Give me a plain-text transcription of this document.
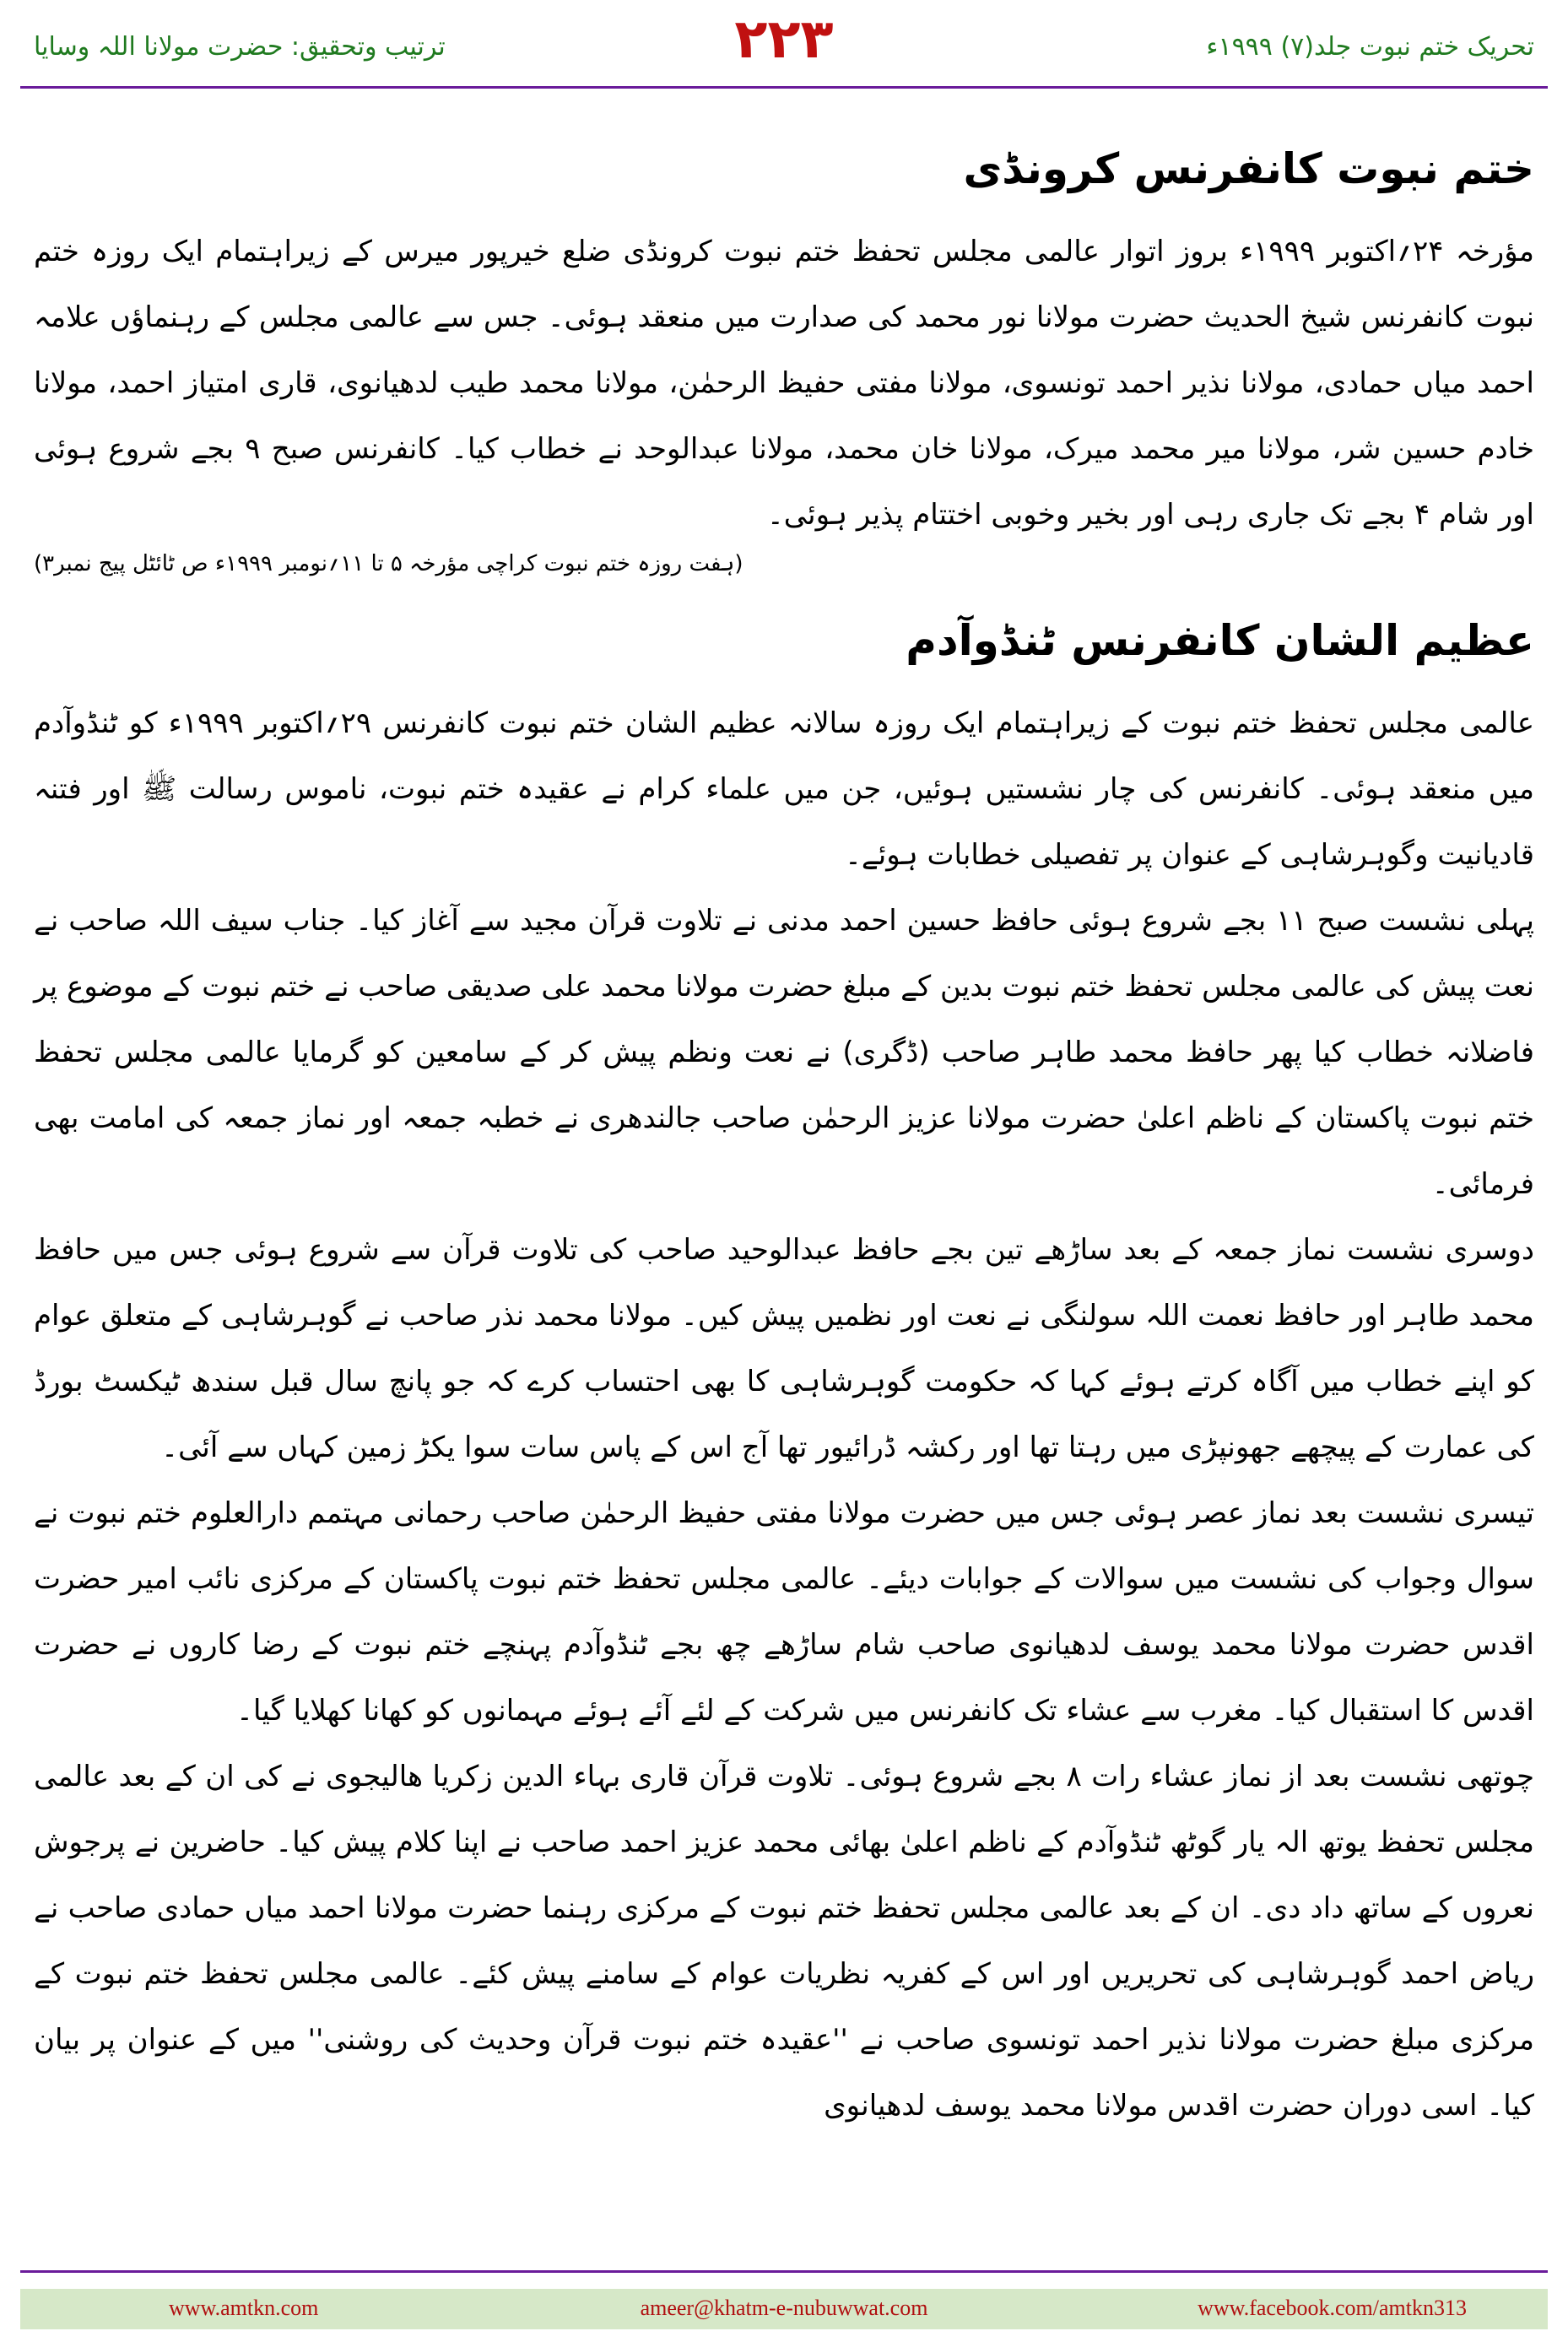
تحریک ختم نبوت جلد(۷) ۱۹۹۹ء
۲۲۳
ترتیب وتحقیق: حضرت مولانا اللہ وسایا
ختم نبوت کانفرنس کرونڈی

مؤرخہ ۲۴؍اکتوبر ۱۹۹۹ء بروز اتوار عالمی مجلس تحفظ ختم نبوت کرونڈی ضلع خیرپور میرس کے زیراہتمام ایک روزہ ختم نبوت کانفرنس شیخ الحدیث حضرت مولانا نور محمد کی صدارت میں منعقد ہوئی۔ جس سے عالمی مجلس کے رہنماؤں علامہ احمد میاں حمادی، مولانا نذیر احمد تونسوی، مولانا مفتی حفیظ الرحمٰن، مولانا محمد طیب لدھیانوی، قاری امتیاز احمد، مولانا خادم حسین شر، مولانا میر محمد میرک، مولانا خان محمد، مولانا عبدالوحد نے خطاب کیا۔ کانفرنس صبح ۹ بجے شروع ہوئی اور شام ۴ بجے تک جاری رہی اور بخیر وخوبی اختتام پذیر ہوئی۔

(ہفت روزہ ختم نبوت کراچی مؤرخہ ۵ تا ۱۱؍نومبر ۱۹۹۹ء ص ٹائٹل پیج نمبر۳)
عظیم الشان کانفرنس ٹنڈوآدم

عالمی مجلس تحفظ ختم نبوت کے زیراہتمام ایک روزہ سالانہ عظیم الشان ختم نبوت کانفرنس ۲۹؍اکتوبر ۱۹۹۹ء کو ٹنڈوآدم میں منعقد ہوئی۔ کانفرنس کی چار نشستیں ہوئیں، جن میں علماء کرام نے عقیدہ ختم نبوت، ناموس رسالت ﷺ اور فتنہ قادیانیت وگوہرشاہی کے عنوان پر تفصیلی خطابات ہوئے۔

پہلی نشست صبح ۱۱ بجے شروع ہوئی حافظ حسین احمد مدنی نے تلاوت قرآن مجید سے آغاز کیا۔ جناب سیف اللہ صاحب نے نعت پیش کی عالمی مجلس تحفظ ختم نبوت بدین کے مبلغ حضرت مولانا محمد علی صدیقی صاحب نے ختم نبوت کے موضوع پر فاضلانہ خطاب کیا پھر حافظ محمد طاہر صاحب (ڈگری) نے نعت ونظم پیش کر کے سامعین کو گرمایا عالمی مجلس تحفظ ختم نبوت پاکستان کے ناظم اعلیٰ حضرت مولانا عزیز الرحمٰن صاحب جالندھری نے خطبہ جمعہ اور نماز جمعہ کی امامت بھی فرمائی۔

دوسری نشست نماز جمعہ کے بعد ساڑھے تین بجے حافظ عبدالوحید صاحب کی تلاوت قرآن سے شروع ہوئی جس میں حافظ محمد طاہر اور حافظ نعمت اللہ سولنگی نے نعت اور نظمیں پیش کیں۔ مولانا محمد نذر صاحب نے گوہرشاہی کے متعلق عوام کو اپنے خطاب میں آگاہ کرتے ہوئے کہا کہ حکومت گوہرشاہی کا بھی احتساب کرے کہ جو پانچ سال قبل سندھ ٹیکسٹ بورڈ کی عمارت کے پیچھے جھونپڑی میں رہتا تھا اور رکشہ ڈرائیور تھا آج اس کے پاس سات سوا یکڑ زمین کہاں سے آئی۔

تیسری نشست بعد نماز عصر ہوئی جس میں حضرت مولانا مفتی حفیظ الرحمٰن صاحب رحمانی مہتمم دارالعلوم ختم نبوت نے سوال وجواب کی نشست میں سوالات کے جوابات دیئے۔ عالمی مجلس تحفظ ختم نبوت پاکستان کے مرکزی نائب امیر حضرت اقدس حضرت مولانا محمد یوسف لدھیانوی صاحب شام ساڑھے چھ بجے ٹنڈوآدم پہنچے ختم نبوت کے رضا کاروں نے حضرت اقدس کا استقبال کیا۔ مغرب سے عشاء تک کانفرنس میں شرکت کے لئے آئے ہوئے مہمانوں کو کھانا کھلایا گیا۔

چوتھی نشست بعد از نماز عشاء رات ۸ بجے شروع ہوئی۔ تلاوت قرآن قاری بہاء الدین زکریا ھالیجوی نے کی ان کے بعد عالمی مجلس تحفظ یوتھ الہ یار گوٹھ ٹنڈوآدم کے ناظم اعلیٰ بھائی محمد عزیز احمد صاحب نے اپنا کلام پیش کیا۔ حاضرین نے پرجوش نعروں کے ساتھ داد دی۔ ان کے بعد عالمی مجلس تحفظ ختم نبوت کے مرکزی رہنما حضرت مولانا احمد میاں حمادی صاحب نے ریاض احمد گوہرشاہی کی تحریریں اور اس کے کفریہ نظریات عوام کے سامنے پیش کئے۔ عالمی مجلس تحفظ ختم نبوت کے مرکزی مبلغ حضرت مولانا نذیر احمد تونسوی صاحب نے ''عقیدہ ختم نبوت قرآن وحدیث کی روشنی'' میں کے عنوان پر بیان کیا۔ اسی دوران حضرت اقدس مولانا محمد یوسف لدھیانوی

www.amtkn.com	ameer@khatm-e-nubuwwat.com	www.facebook.com/amtkn313
